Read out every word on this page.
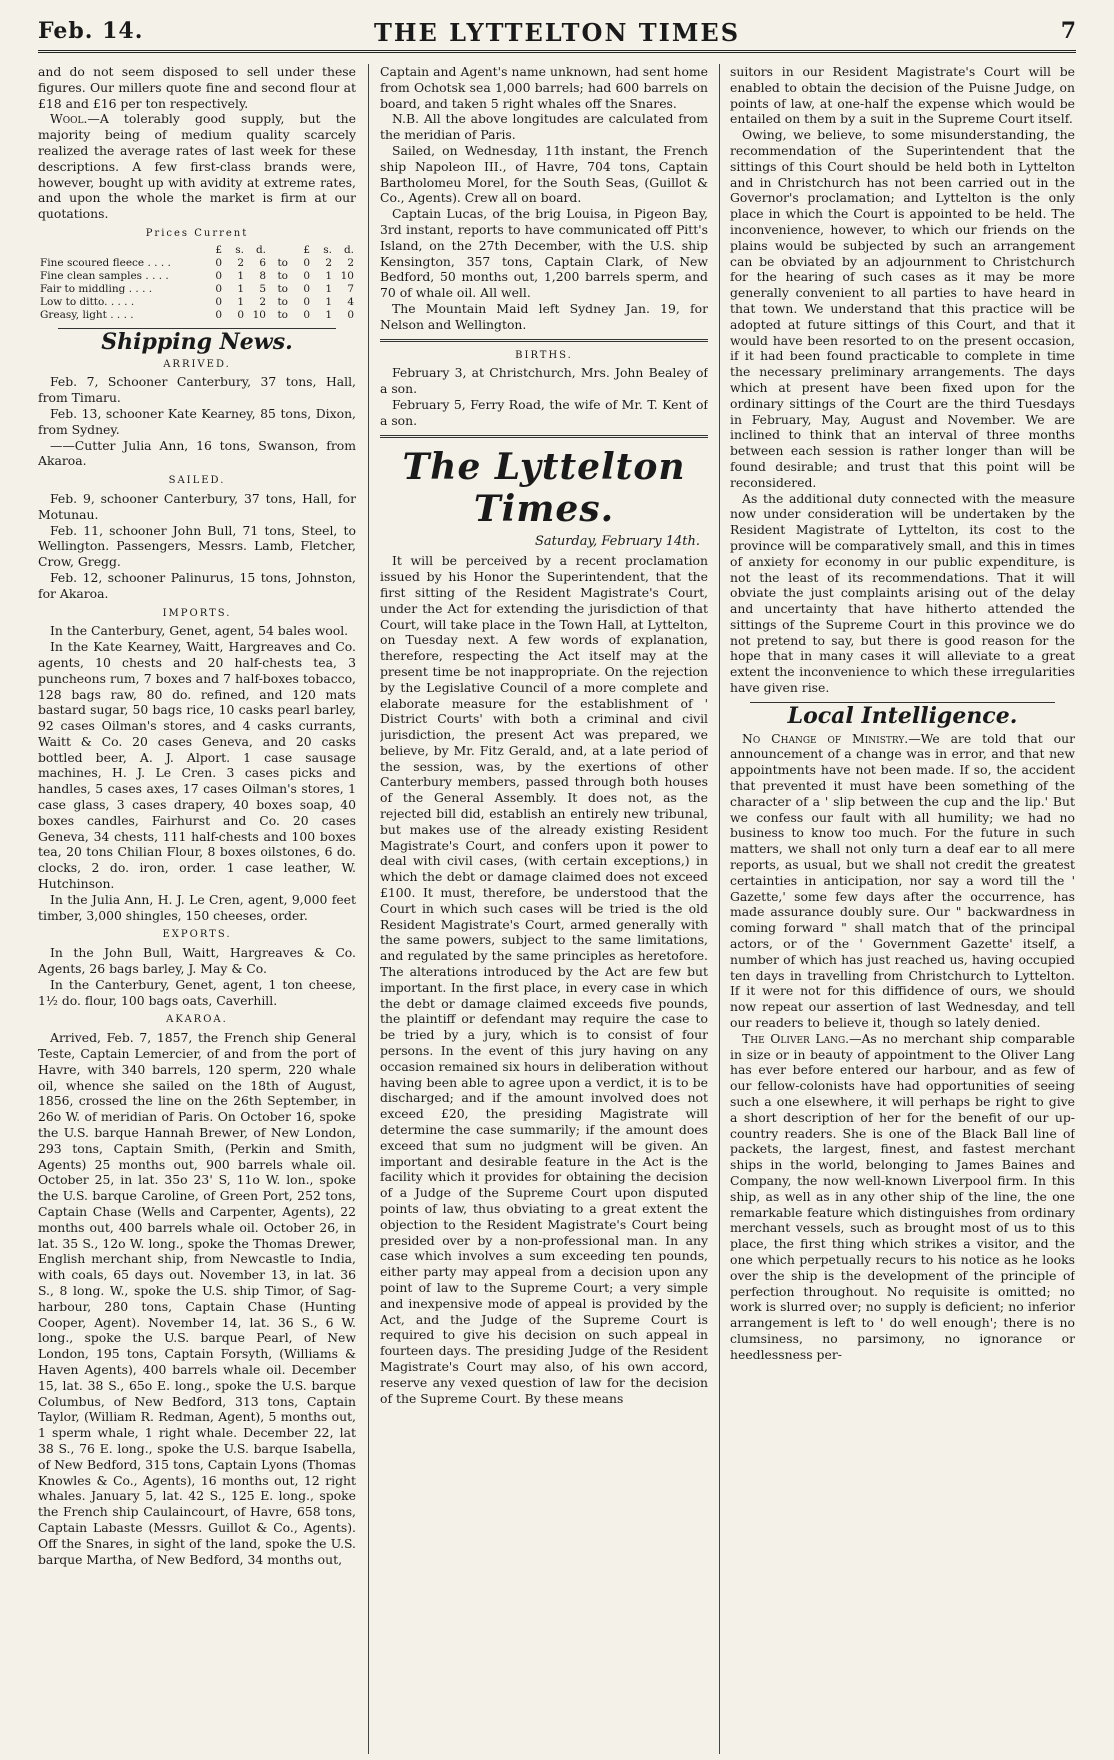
THE LYTTELTON TIMES
Feb. 14.	7

and do not seem disposed to sell under these figures. Our millers quote fine and second flour at £18 and £16 per ton respectively.

Wool.—A tolerably good supply, but the majority being of medium quality scarcely realized the average rates of last week for these descriptions. A few first-class brands were, however, bought up with avidity at extreme rates, and upon the whole the market is firm at our quotations.

Prices Current
	£	s.	d.		£	s.	d.
Fine scoured fleece . . . .	0	2	6	to	0	2	2
Fine clean samples . . . .	0	1	8	to	0	1	10
Fair to middling . . . .	0	1	5	to	0	1	7
Low to ditto. . . . .	0	1	2	to	0	1	4
Greasy, light . . . .	0	0	10	to	0	1	0
Shipping News.
ARRIVED.

Feb. 7, Schooner Canterbury, 37 tons, Hall, from Timaru.

Feb. 13, schooner Kate Kearney, 85 tons, Dixon, from Sydney.

——Cutter Julia Ann, 16 tons, Swanson, from Akaroa.

SAILED.

Feb. 9, schooner Canterbury, 37 tons, Hall, for Motunau.

Feb. 11, schooner John Bull, 71 tons, Steel, to Wellington. Passengers, Messrs. Lamb, Fletcher, Crow, Gregg.

Feb. 12, schooner Palinurus, 15 tons, Johnston, for Akaroa.

IMPORTS.

In the Canterbury, Genet, agent, 54 bales wool.

In the Kate Kearney, Waitt, Hargreaves and Co. agents, 10 chests and 20 half-chests tea, 3 puncheons rum, 7 boxes and 7 half-boxes tobacco, 128 bags raw, 80 do. refined, and 120 mats bastard sugar, 50 bags rice, 10 casks pearl barley, 92 cases Oilman's stores, and 4 casks currants, Waitt & Co. 20 cases Geneva, and 20 casks bottled beer, A. J. Alport. 1 case sausage machines, H. J. Le Cren. 3 cases picks and handles, 5 cases axes, 17 cases Oilman's stores, 1 case glass, 3 cases drapery, 40 boxes soap, 40 boxes candles, Fairhurst and Co. 20 cases Geneva, 34 chests, 111 half-chests and 100 boxes tea, 20 tons Chilian Flour, 8 boxes oilstones, 6 do. clocks, 2 do. iron, order. 1 case leather, W. Hutchinson.

In the Julia Ann, H. J. Le Cren, agent, 9,000 feet timber, 3,000 shingles, 150 cheeses, order.

EXPORTS.

In the John Bull, Waitt, Hargreaves & Co. Agents, 26 bags barley, J. May & Co.

In the Canterbury, Genet, agent, 1 ton cheese, 1½ do. flour, 100 bags oats, Caverhill.

AKAROA.

Arrived, Feb. 7, 1857, the French ship General Teste, Captain Lemercier, of and from the port of Havre, with 340 barrels, 120 sperm, 220 whale oil, whence she sailed on the 18th of August, 1856, crossed the line on the 26th September, in 26o W. of meridian of Paris. On October 16, spoke the U.S. barque Hannah Brewer, of New London, 293 tons, Captain Smith, (Perkin and Smith, Agents) 25 months out, 900 barrels whale oil. October 25, in lat. 35o 23' S, 11o W. lon., spoke the U.S. barque Caroline, of Green Port, 252 tons, Captain Chase (Wells and Carpenter, Agents), 22 months out, 400 barrels whale oil. October 26, in lat. 35 S., 12o W. long., spoke the Thomas Drewer, English merchant ship, from Newcastle to India, with coals, 65 days out. November 13, in lat. 36 S., 8 long. W., spoke the U.S. ship Timor, of Sag-harbour, 280 tons, Captain Chase (Hunting Cooper, Agent). November 14, lat. 36 S., 6 W. long., spoke the U.S. barque Pearl, of New London, 195 tons, Captain Forsyth, (Williams & Haven Agents), 400 barrels whale oil. December 15, lat. 38 S., 65o E. long., spoke the U.S. barque Columbus, of New Bedford, 313 tons, Captain Taylor, (William R. Redman, Agent), 5 months out, 1 sperm whale, 1 right whale. December 22, lat 38 S., 76 E. long., spoke the U.S. barque Isabella, of New Bedford, 315 tons, Captain Lyons (Thomas Knowles & Co., Agents), 16 months out, 12 right whales. January 5, lat. 42 S., 125 E. long., spoke the French ship Caulaincourt, of Havre, 658 tons, Captain Labaste (Messrs. Guillot & Co., Agents). Off the Snares, in sight of the land, spoke the U.S. barque Martha, of New Bedford, 34 months out,

Captain and Agent's name unknown, had sent home from Ochotsk sea 1,000 barrels; had 600 barrels on board, and taken 5 right whales off the Snares.

N.B. All the above longitudes are calculated from the meridian of Paris.

Sailed, on Wednesday, 11th instant, the French ship Napoleon III., of Havre, 704 tons, Captain Bartholomeu Morel, for the South Seas, (Guillot & Co., Agents). Crew all on board.

Captain Lucas, of the brig Louisa, in Pigeon Bay, 3rd instant, reports to have communicated off Pitt's Island, on the 27th December, with the U.S. ship Kensington, 357 tons, Captain Clark, of New Bedford, 50 months out, 1,200 barrels sperm, and 70 of whale oil. All well.

The Mountain Maid left Sydney Jan. 19, for Nelson and Wellington.

BIRTHS.

February 3, at Christchurch, Mrs. John Bealey of a son.

February 5, Ferry Road, the wife of Mr. T. Kent of a son.

The Lyttelton Times.
Saturday, February 14th.

It will be perceived by a recent proclamation issued by his Honor the Superintendent, that the first sitting of the Resident Magistrate's Court, under the Act for extending the jurisdiction of that Court, will take place in the Town Hall, at Lyttelton, on Tuesday next. A few words of explanation, therefore, respecting the Act itself may at the present time be not inappropriate. On the rejection by the Legislative Council of a more complete and elaborate measure for the establishment of ' District Courts' with both a criminal and civil jurisdiction, the present Act was prepared, we believe, by Mr. Fitz Gerald, and, at a late period of the session, was, by the exertions of other Canterbury members, passed through both houses of the General Assembly. It does not, as the rejected bill did, establish an entirely new tribunal, but makes use of the already existing Resident Magistrate's Court, and confers upon it power to deal with civil cases, (with certain exceptions,) in which the debt or damage claimed does not exceed £100. It must, therefore, be understood that the Court in which such cases will be tried is the old Resident Magistrate's Court, armed generally with the same powers, subject to the same limitations, and regulated by the same principles as heretofore. The alterations introduced by the Act are few but important. In the first place, in every case in which the debt or damage claimed exceeds five pounds, the plaintiff or defendant may require the case to be tried by a jury, which is to consist of four persons. In the event of this jury having on any occasion remained six hours in deliberation without having been able to agree upon a verdict, it is to be discharged; and if the amount involved does not exceed £20, the presiding Magistrate will determine the case summarily; if the amount does exceed that sum no judgment will be given. An important and desirable feature in the Act is the facility which it provides for obtaining the decision of a Judge of the Supreme Court upon disputed points of law, thus obviating to a great extent the objection to the Resident Magistrate's Court being presided over by a non-professional man. In any case which involves a sum exceeding ten pounds, either party may appeal from a decision upon any point of law to the Supreme Court; a very simple and inexpensive mode of appeal is provided by the Act, and the Judge of the Supreme Court is required to give his decision on such appeal in fourteen days. The presiding Judge of the Resident Magistrate's Court may also, of his own accord, reserve any vexed question of law for the decision of the Supreme Court. By these means

suitors in our Resident Magistrate's Court will be enabled to obtain the decision of the Puisne Judge, on points of law, at one-half the expense which would be entailed on them by a suit in the Supreme Court itself.

Owing, we believe, to some misunderstanding, the recommendation of the Superintendent that the sittings of this Court should be held both in Lyttelton and in Christchurch has not been carried out in the Governor's proclamation; and Lyttelton is the only place in which the Court is appointed to be held. The inconvenience, however, to which our friends on the plains would be subjected by such an arrangement can be obviated by an adjournment to Christchurch for the hearing of such cases as it may be more generally convenient to all parties to have heard in that town. We understand that this practice will be adopted at future sittings of this Court, and that it would have been resorted to on the present occasion, if it had been found practicable to complete in time the necessary preliminary arrangements. The days which at present have been fixed upon for the ordinary sittings of the Court are the third Tuesdays in February, May, August and November. We are inclined to think that an interval of three months between each session is rather longer than will be found desirable; and trust that this point will be reconsidered.

As the additional duty connected with the measure now under consideration will be undertaken by the Resident Magistrate of Lyttelton, its cost to the province will be comparatively small, and this in times of anxiety for economy in our public expenditure, is not the least of its recommendations. That it will obviate the just complaints arising out of the delay and uncertainty that have hitherto attended the sittings of the Supreme Court in this province we do not pretend to say, but there is good reason for the hope that in many cases it will alleviate to a great extent the inconvenience to which these irregularities have given rise.

Local Intelligence.

No Change of Ministry.—We are told that our announcement of a change was in error, and that new appointments have not been made. If so, the accident that prevented it must have been something of the character of a ' slip between the cup and the lip.' But we confess our fault with all humility; we had no business to know too much. For the future in such matters, we shall not only turn a deaf ear to all mere reports, as usual, but we shall not credit the greatest certainties in anticipation, nor say a word till the ' Gazette,' some few days after the occurrence, has made assurance doubly sure. Our " backwardness in coming forward " shall match that of the principal actors, or of the ' Government Gazette' itself, a number of which has just reached us, having occupied ten days in travelling from Christchurch to Lyttelton. If it were not for this diffidence of ours, we should now repeat our assertion of last Wednesday, and tell our readers to believe it, though so lately denied.

The Oliver Lang.—As no merchant ship comparable in size or in beauty of appointment to the Oliver Lang has ever before entered our harbour, and as few of our fellow-colonists have had opportunities of seeing such a one elsewhere, it will perhaps be right to give a short description of her for the benefit of our up-country readers. She is one of the Black Ball line of packets, the largest, finest, and fastest merchant ships in the world, belonging to James Baines and Company, the now well-known Liverpool firm. In this ship, as well as in any other ship of the line, the one remarkable feature which distinguishes from ordinary merchant vessels, such as brought most of us to this place, the first thing which strikes a visitor, and the one which perpetually recurs to his notice as he looks over the ship is the development of the principle of perfection throughout. No requisite is omitted; no work is slurred over; no supply is deficient; no inferior arrangement is left to ' do well enough'; there is no clumsiness, no parsimony, no ignorance or heedlessness per-
